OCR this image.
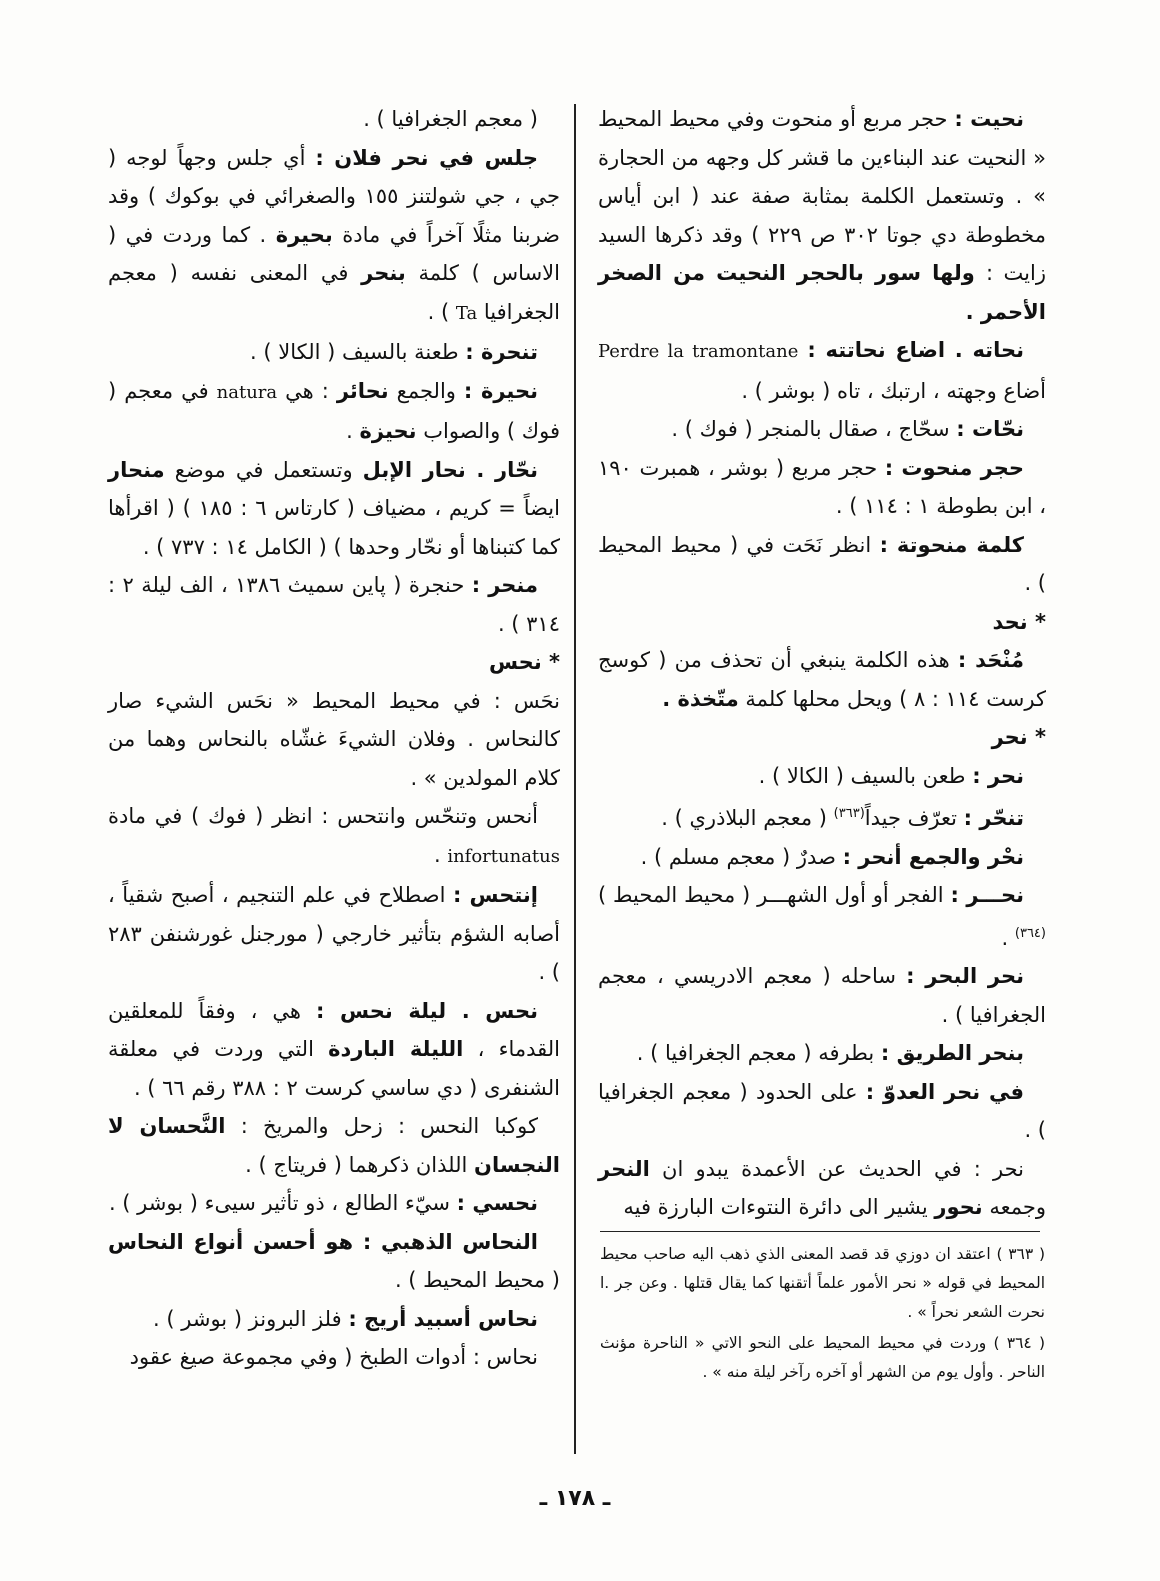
نحيت : حجر مربع أو منحوت وفي محيط المحيط « النحيت عند البناءين ما قشر كل وجهه من الحجارة » . وتستعمل الكلمة بمثابة صفة عند ( ابن أياس مخطوطة دي جوتا ٣٠٢ ص ٢٢٩ ) وقد ذكرها السيد زايت : ولها سور بالحجر النحيت من الصخر الأحمر .

نحاته . اضاع نحاتته : Perdre la tramontane أضاع وجهته ، ارتبك ، تاه ( بوشر ) .

نحّات : سحّاج ، صقال بالمنجر ( فوك ) .

حجر منحوت : حجر مربع ( بوشر ، همبرت ١٩٠ ، ابن بطوطة ١ : ١١٤ ) .

كلمة منحوتة : انظر نَحَت في ( محيط المحيط ) .

* نحد

مُنْحَد : هذه الكلمة ينبغي أن تحذف من ( كوسج كرست ١١٤ : ٨ ) ويحل محلها كلمة متّخذة .

* نحر

نحر : طعن بالسيف ( الكالا ) .

تنحّر : تعرّف جيداً$^{(٣٦٣)}$ ( معجم البلاذري ) .

نحْر والجمع أنحر : صدرٌ ( معجم مسلم ) .

نحـــر : الفجر أو أول الشهـــر ( محيط المحيط )$^{(٣٦٤)}$ .

نحر البحر : ساحله ( معجم الادريسي ، معجم الجغرافيا ) .

بنحر الطريق : بطرفه ( معجم الجغرافيا ) .

في نحر العدوّ : على الحدود ( معجم الجغرافيا ) .

نحر : في الحديث عن الأعمدة يبدو ان النحر وجمعه نحور يشير الى دائرة النتوءات البارزة فيه

( ٣٦٣ ) اعتقد ان دوزي قد قصد المعنى الذي ذهب اليه صاحب محيط المحيط في قوله « نحر الأمور علماً أتقنها كما يقال قتلها . وعن جر .ا نحرت الشعر نحراً » .

( ٣٦٤ ) وردت في محيط المحيط على النحو الاتي « الناحرة مؤنث الناحر . وأول يوم من الشهر أو آخره رآخر ليلة منه » .

( معجم الجغرافيا ) .

جلس في نحر فلان : أي جلس وجهاً لوجه ( جي ، جي شولتنز ١٥٥ والصغرائي في بوكوك ) وقد ضربنا مثلًا آخراً في مادة بحيرة . كما وردت في ( الاساس ) كلمة بنحر في المعنى نفسه ( معجم الجغرافيا Ta ) .

تنحرة : طعنة بالسيف ( الكالا ) .

نحيرة : والجمع نحائر : هي natura في معجم ( فوك ) والصواب نحيزة .

نحّار . نحار الإبل وتستعمل في موضع منحار ايضاً = كريم ، مضياف ( كارتاس ٦ : ١٨٥ ) ( اقرأها كما كتبناها أو نحّار وحدها ) ( الكامل ١٤ : ٧٣٧ ) .

منحر : حنجرة ( پاين سميث ١٣٨٦ ، الف ليلة ٢ : ٣١٤ ) .

* نحس

نحَس : في محيط المحيط « نحَس الشيء صار كالنحاس . وفلان الشيءَ غشّاه بالنحاس وهما من كلام المولدين » .

أنحس وتنحّس وانتحس : انظر ( فوك ) في مادة infortunatus .

إنتحس : اصطلاح في علم التنجيم ، أصبح شقياً ، أصابه الشؤم بتأثير خارجي ( مورجنل غورشنفن ٢٨٣ ) .

نحس . ليلة نحس : هي ، وفقاً للمعلقين القدماء ، الليلة الباردة التي وردت في معلقة الشنفرى ( دي ساسي كرست ٢ : ٣٨٨ رقم ٦٦ ) .

كوكبا النحس : زحل والمريخ : النَّحسان لا النجسان اللذان ذكرهما ( فريتاج ) .

نحسي : سيّء الطالع ، ذو تأثير سيىء ( بوشر ) .

النحاس الذهبي : هو أحسن أنواع النحاس ( محيط المحيط ) .

نحاس أسبيد أريج : فلز البرونز ( بوشر ) .

نحاس : أدوات الطبخ ( وفي مجموعة صيغ عقود

ـ ١٧٨ ـ
